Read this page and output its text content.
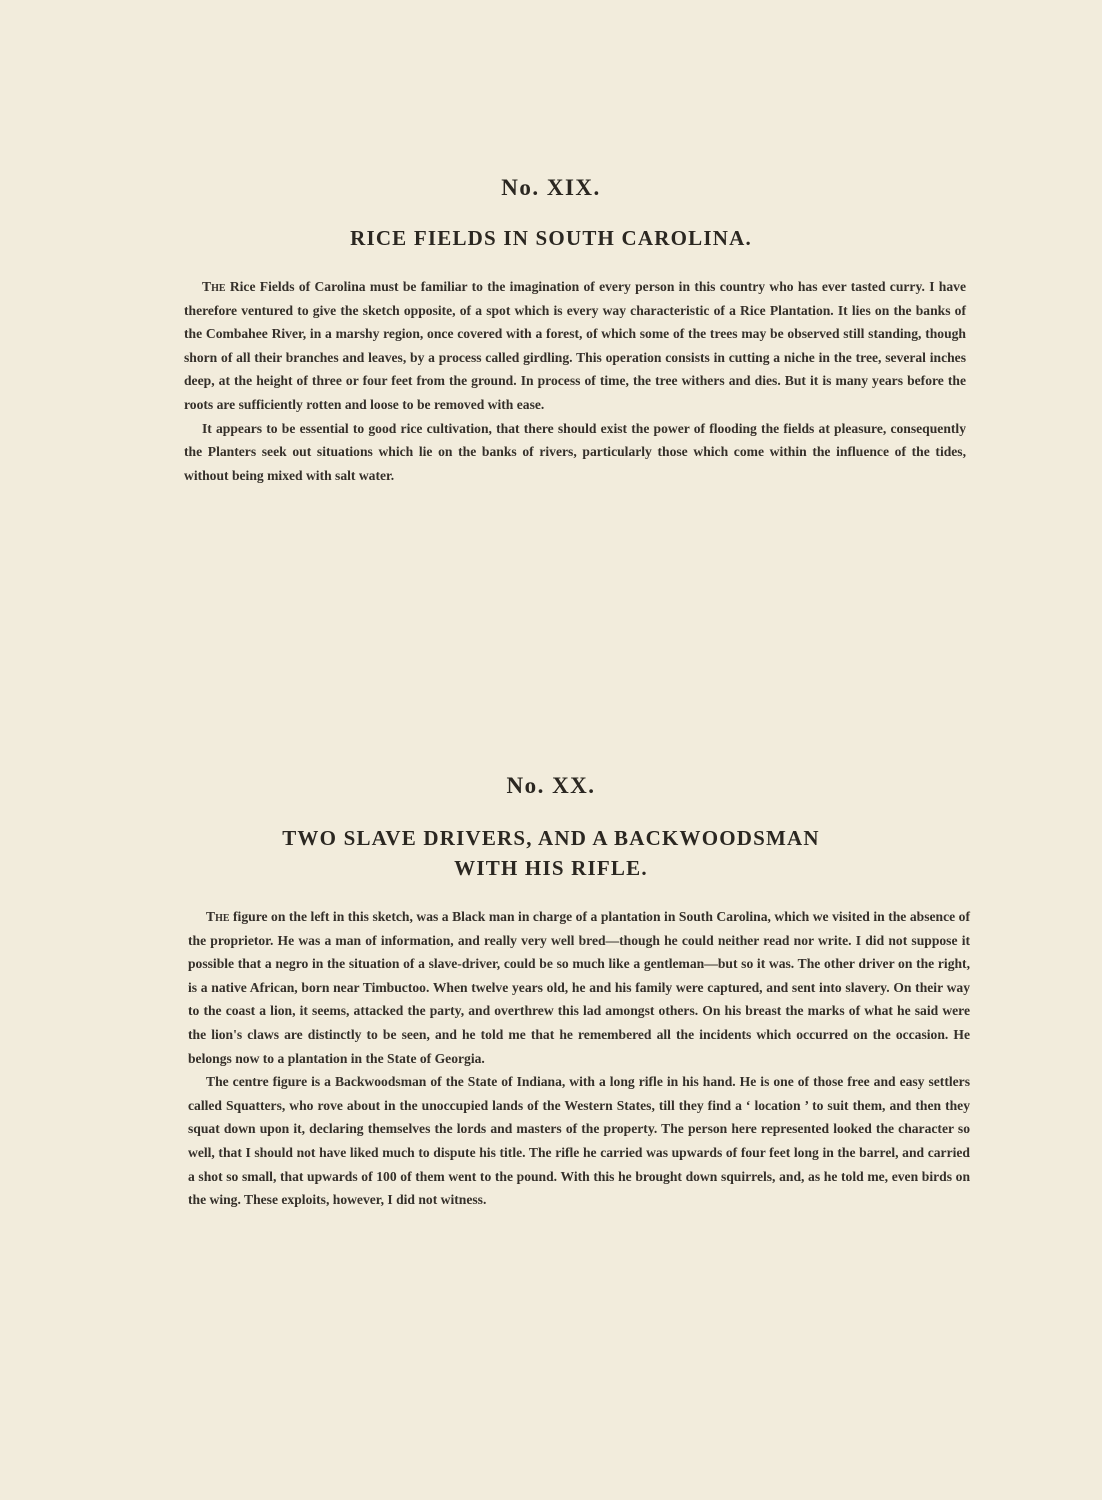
No. XIX.
RICE FIELDS IN SOUTH CAROLINA.

The Rice Fields of Carolina must be familiar to the imagination of every person in this country who has ever tasted curry. I have therefore ventured to give the sketch opposite, of a spot which is every way characteristic of a Rice Plantation. It lies on the banks of the Combahee River, in a marshy region, once covered with a forest, of which some of the trees may be observed still standing, though shorn of all their branches and leaves, by a process called girdling. This operation consists in cutting a niche in the tree, several inches deep, at the height of three or four feet from the ground. In process of time, the tree withers and dies. But it is many years before the roots are sufficiently rotten and loose to be removed with ease.

It appears to be essential to good rice cultivation, that there should exist the power of flooding the fields at pleasure, consequently the Planters seek out situations which lie on the banks of rivers, particularly those which come within the influence of the tides, without being mixed with salt water.

No. XX.
TWO SLAVE DRIVERS, AND A BACKWOODSMAN
WITH HIS RIFLE.

The figure on the left in this sketch, was a Black man in charge of a plantation in South Carolina, which we visited in the absence of the proprietor. He was a man of information, and really very well bred—though he could neither read nor write. I did not suppose it possible that a negro in the situation of a slave-driver, could be so much like a gentleman—but so it was. The other driver on the right, is a native African, born near Timbuctoo. When twelve years old, he and his family were captured, and sent into slavery. On their way to the coast a lion, it seems, attacked the party, and overthrew this lad amongst others. On his breast the marks of what he said were the lion's claws are distinctly to be seen, and he told me that he remembered all the incidents which occurred on the occasion. He belongs now to a plantation in the State of Georgia.

The centre figure is a Backwoodsman of the State of Indiana, with a long rifle in his hand. He is one of those free and easy settlers called Squatters, who rove about in the unoccupied lands of the Western States, till they find a ‘ location ’ to suit them, and then they squat down upon it, declaring themselves the lords and masters of the property. The person here represented looked the character so well, that I should not have liked much to dispute his title. The rifle he carried was upwards of four feet long in the barrel, and carried a shot so small, that upwards of 100 of them went to the pound. With this he brought down squirrels, and, as he told me, even birds on the wing. These exploits, however, I did not witness.
